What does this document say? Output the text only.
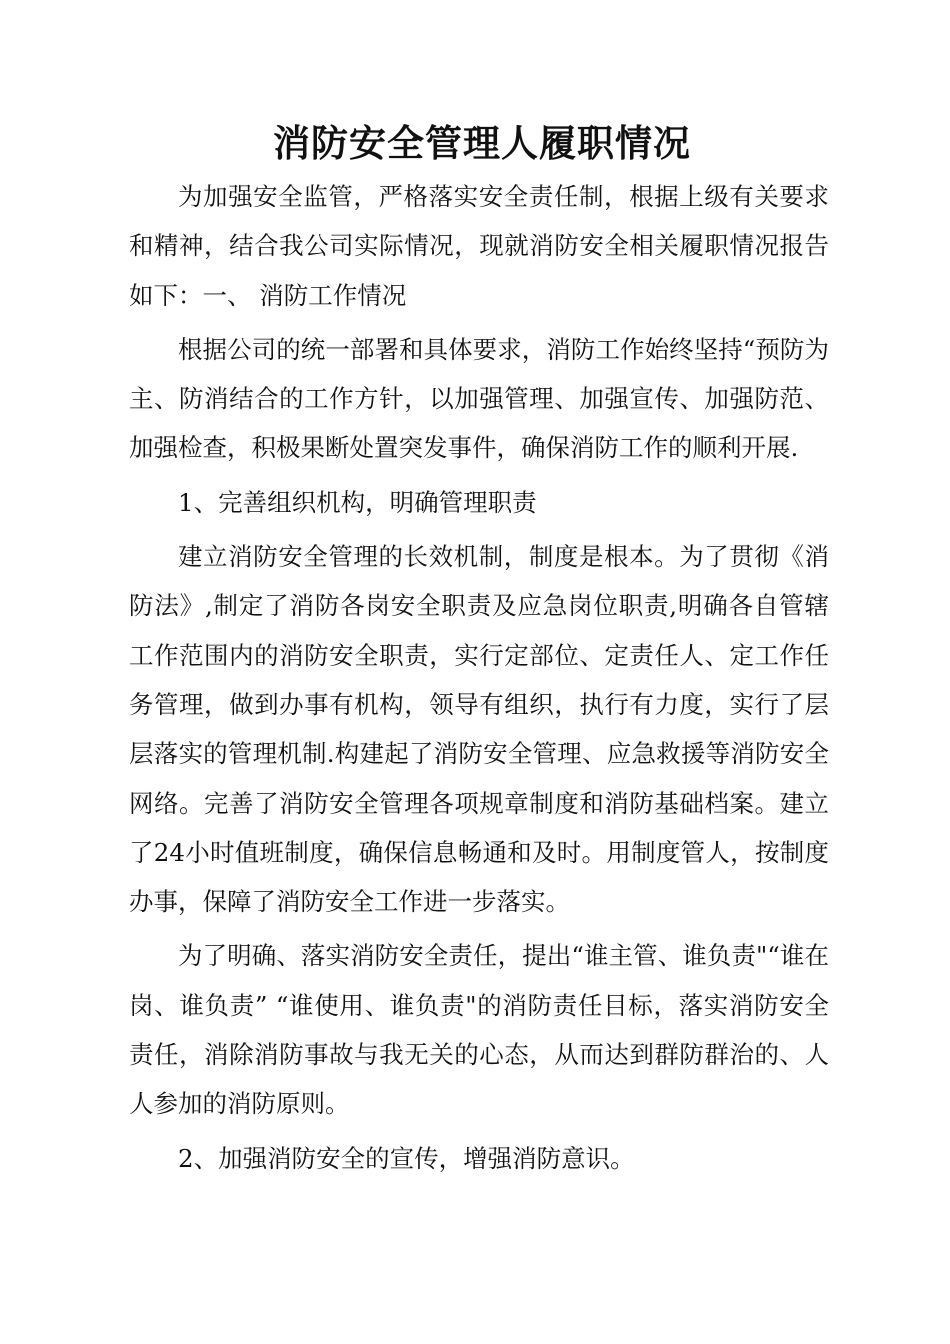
消防安全管理人履职情况

为加强安全监管，严格落实安全责任制，根据上级有关要求和精神，结合我公司实际情况，现就消防安全相关履职情况报告如下：一、 消防工作情况

根据公司的统一部署和具体要求，消防工作始终坚持“预防为主、防消结合的工作方针，以加强管理、加强宣传、加强防范、加强检查，积极果断处置突发事件，确保消防工作的顺利开展.

1、完善组织机构，明确管理职责

建立消防安全管理的长效机制，制度是根本。为了贯彻《消防法》,制定了消防各岗安全职责及应急岗位职责,明确各自管辖工作范围内的消防安全职责，实行定部位、定责任人、定工作任务管理，做到办事有机构，领导有组织，执行有力度，实行了层层落实的管理机制.构建起了消防安全管理、应急救援等消防安全网络。完善了消防安全管理各项规章制度和消防基础档案。建立了24小时值班制度，确保信息畅通和及时。用制度管人，按制度办事，保障了消防安全工作进一步落实。

为了明确、落实消防安全责任，提出“谁主管、谁负责"“谁在岗、谁负责” “谁使用、谁负责"的消防责任目标，落实消防安全责任，消除消防事故与我无关的心态，从而达到群防群治的、人人参加的消防原则。

2、加强消防安全的宣传，增强消防意识。
